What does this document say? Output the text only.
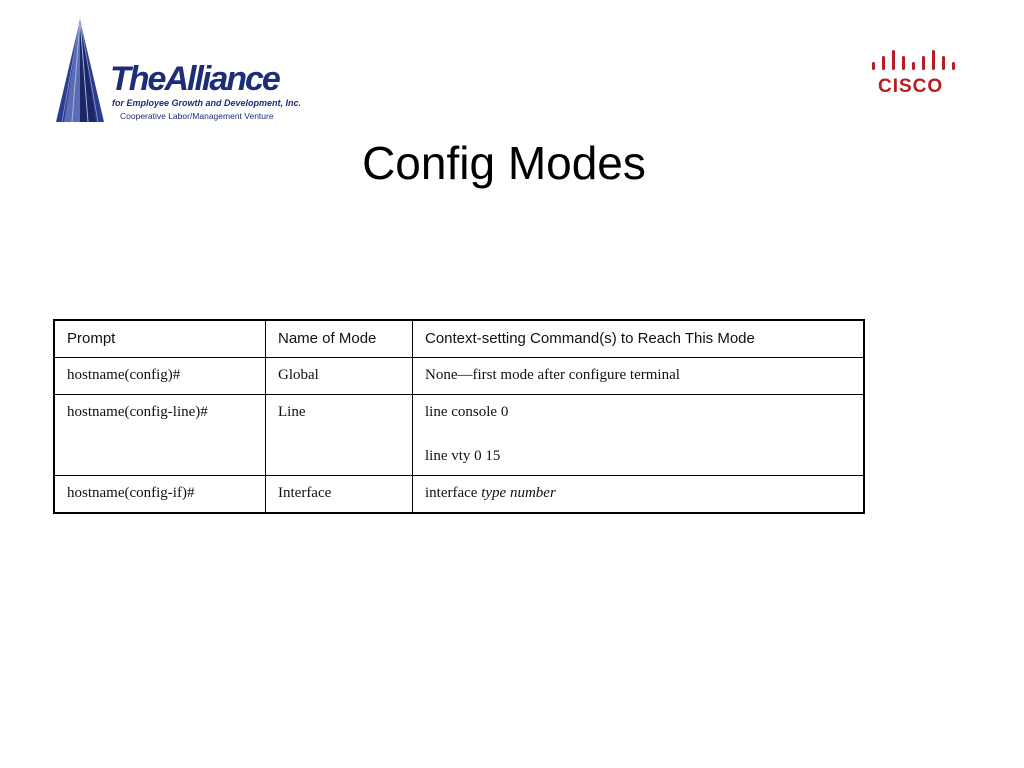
TheAlliance
for Employee Growth and Development, Inc.
Cooperative Labor/Management Venture
CISCO
Config Modes
Prompt	Name of Mode	Context-setting Command(s) to Reach This Mode
hostname(config)#	Global	None—first mode after configure terminal
hostname(config-line)#	Line	line console 0
line vty 0 15

hostname(config-if)#	Interface	interface type number
